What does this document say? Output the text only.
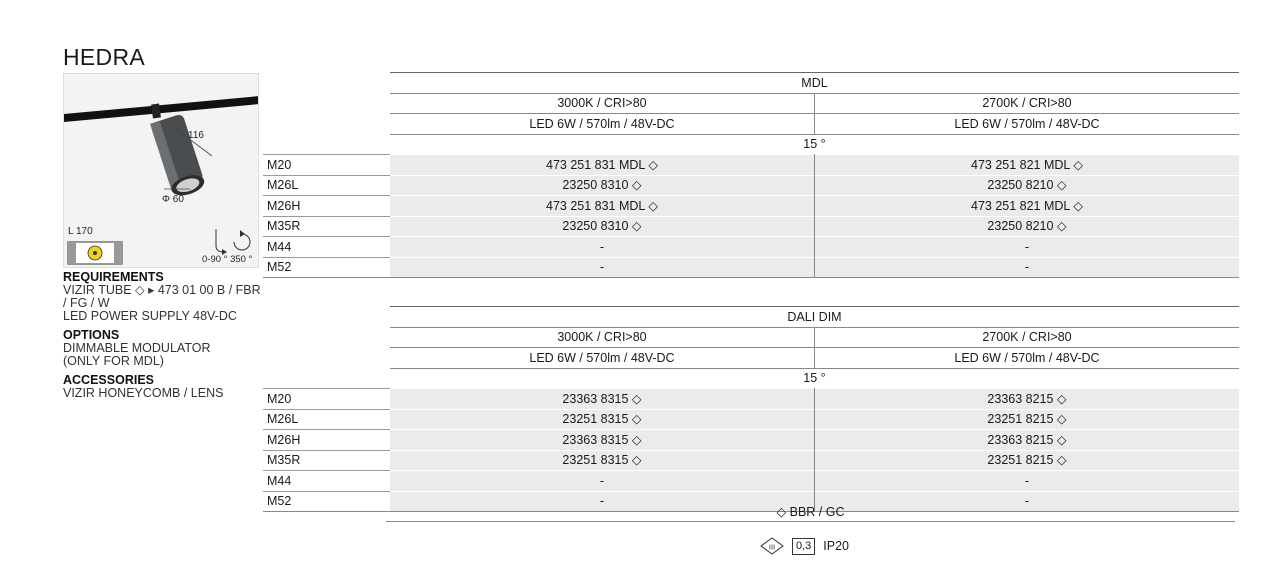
HEDRA
116
Φ 60
L 170
0-90 ° 350 °
REQUIREMENTS
VIZIR TUBE ◇ ▸ 473 01 00 B / FBR / FG / W
LED POWER SUPPLY 48V-DC
OPTIONS
DIMMABLE MODULATOR
(ONLY FOR MDL)
ACCESSORIES
VIZIR HONEYCOMB / LENS
	MDL	
	3000K / CRI>80	2700K / CRI>80
	LED 6W / 570lm / 48V-DC	LED 6W / 570lm / 48V-DC
	15 °	
M20	473 251 831 MDL ◇	473 251 821 MDL ◇
M26L	23250 8310 ◇	23250 8210 ◇
M26H	473 251 831 MDL ◇	473 251 821 MDL ◇
M35R	23250 8310 ◇	23250 8210 ◇
M44	-	-
M52	-	-
	DALI DIM	
	3000K / CRI>80	2700K / CRI>80
	LED 6W / 570lm / 48V-DC	LED 6W / 570lm / 48V-DC
	15 °	
M20	23363 8315 ◇	23363 8215 ◇
M26L	23251 8315 ◇	23251 8215 ◇
M26H	23363 8315 ◇	23363 8215 ◇
M35R	23251 8315 ◇	23251 8215 ◇
M44	-	-
M52	-	-
◇ BBR / GC
III	0,3 IP20
